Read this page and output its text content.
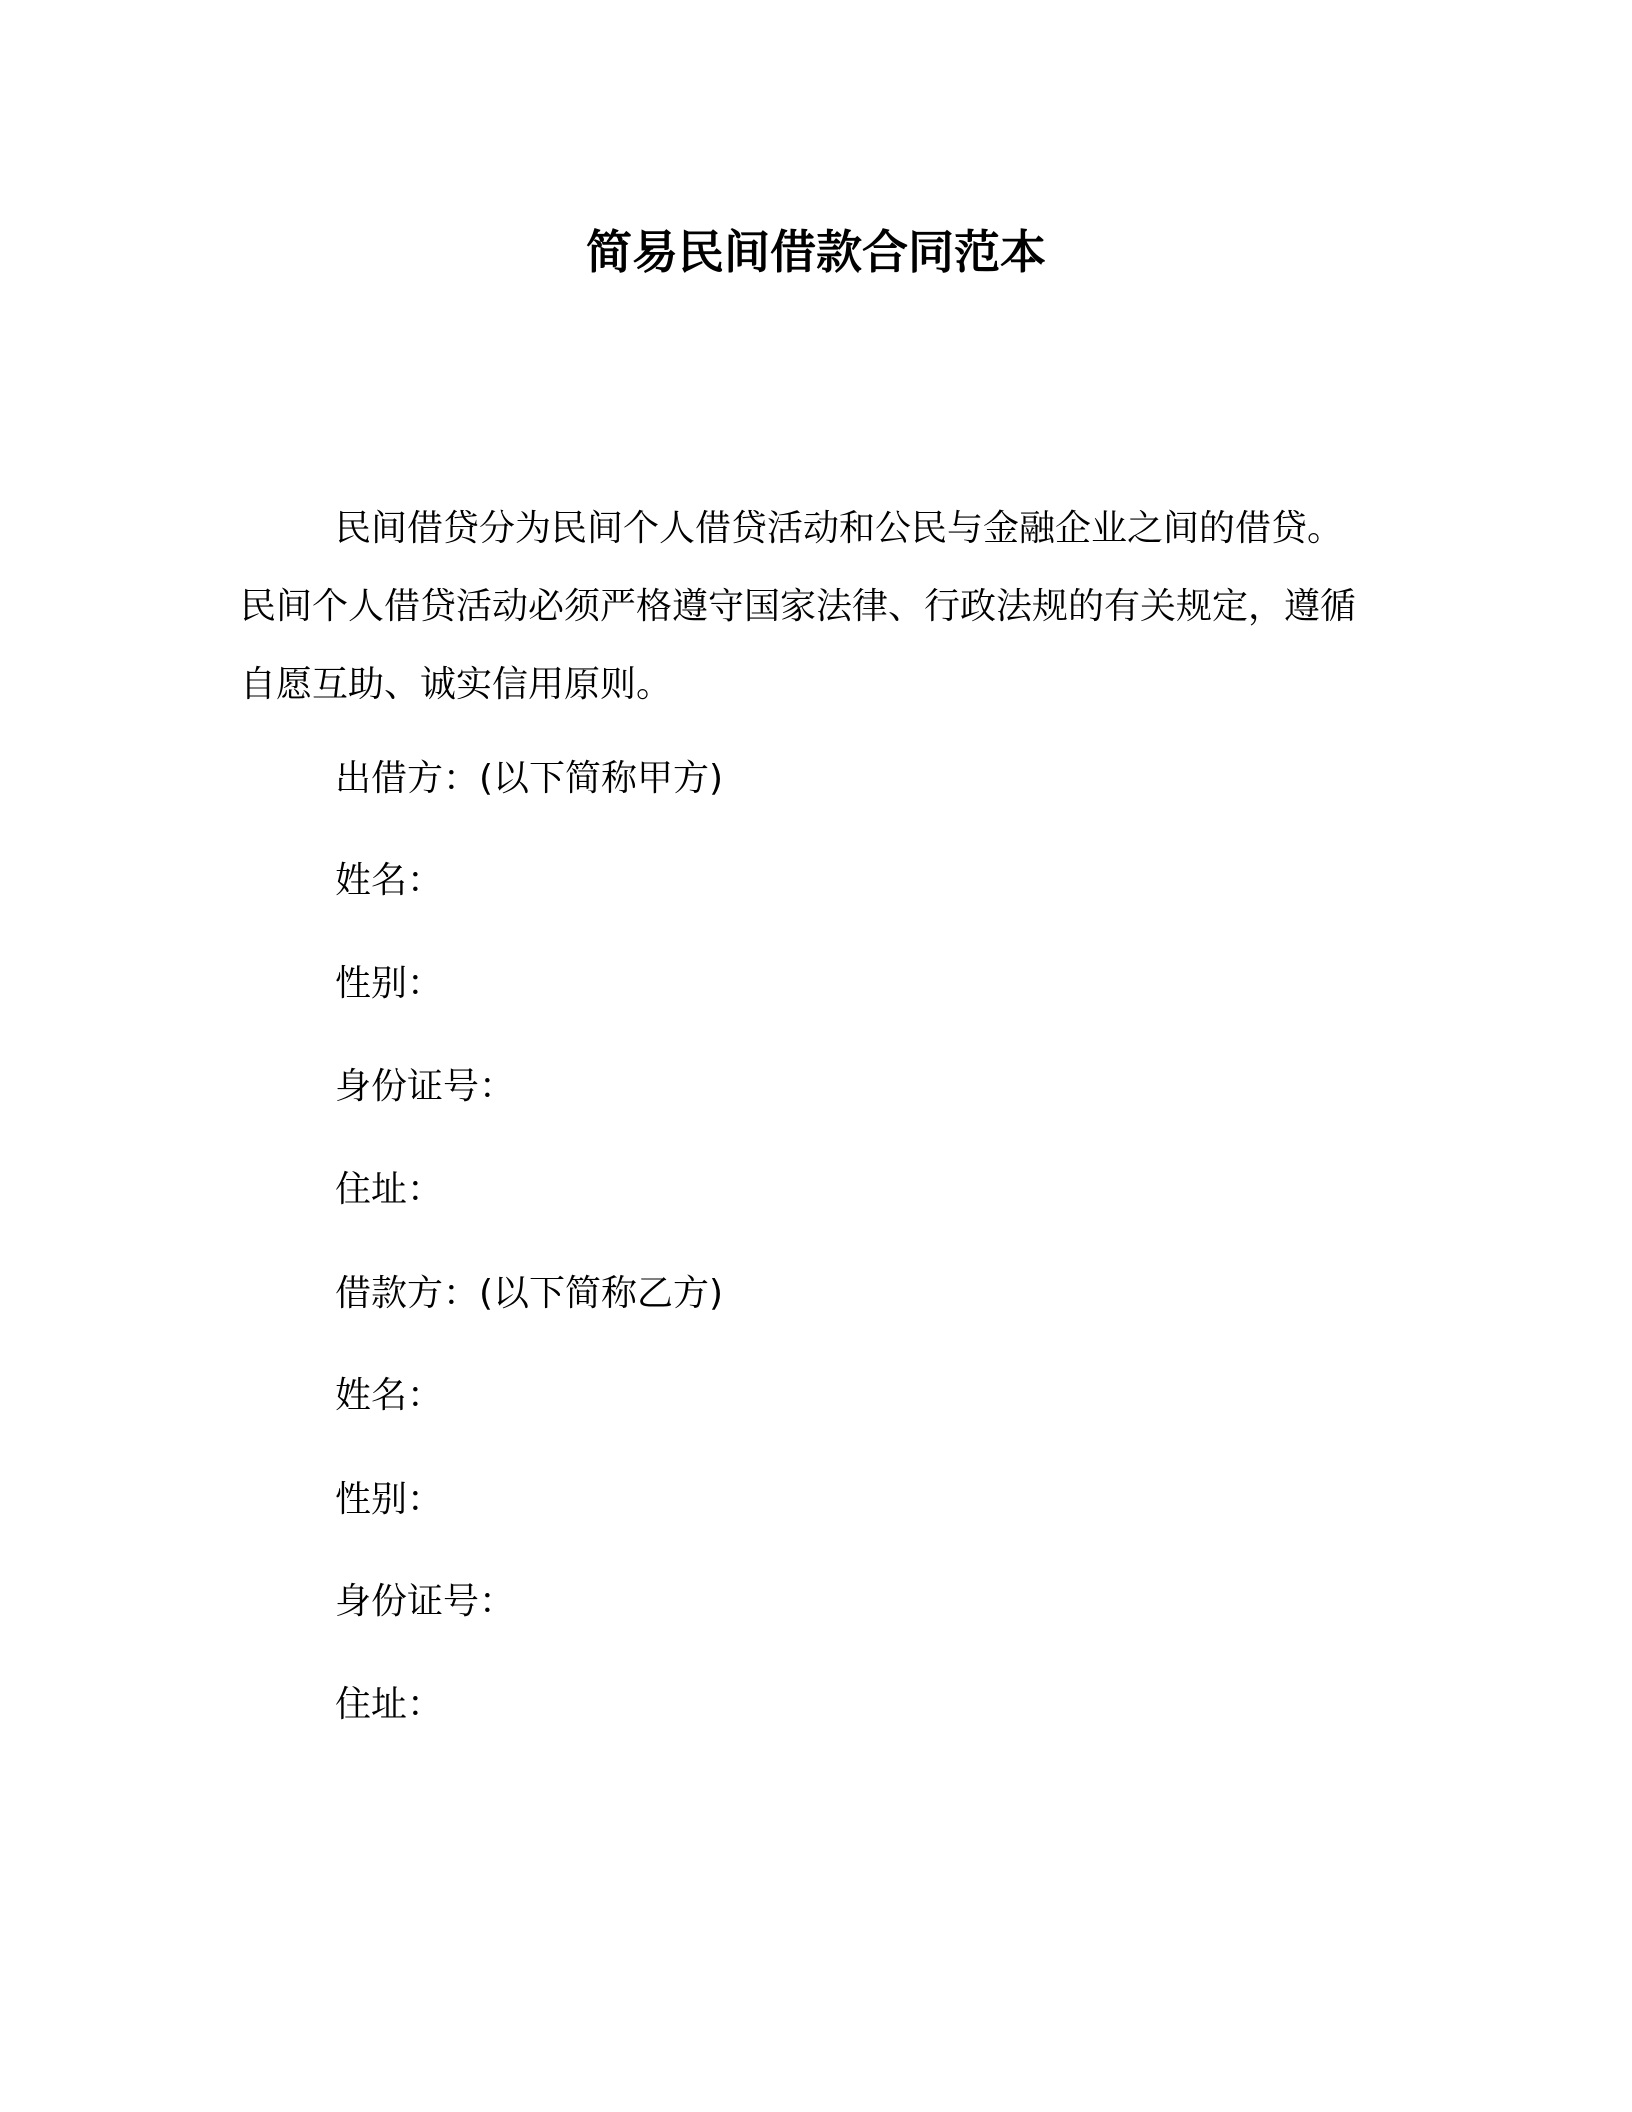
简易民间借款合同范本

民间借贷分为民间个人借贷活动和公民与金融企业之间的借贷。民间个人借贷活动必须严格遵守国家法律、行政法规的有关规定，遵循自愿互助、诚实信用原则。

出借方：(以下简称甲方)

姓名：

性别：

身份证号：

住址：

借款方：(以下简称乙方)

姓名：

性别：

身份证号：

住址：
